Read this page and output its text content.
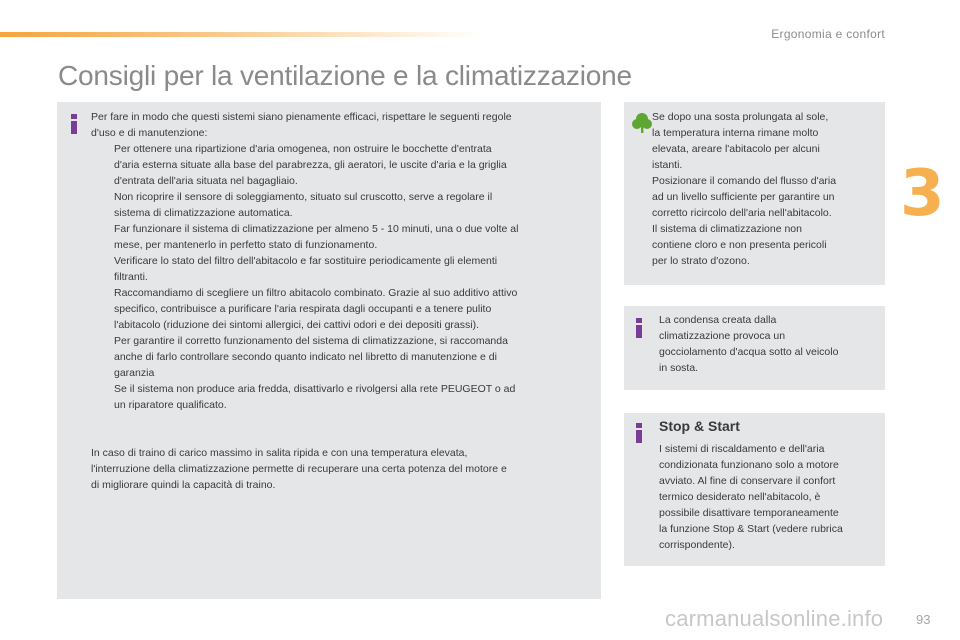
Ergonomia e confort
3
Consigli per la ventilazione e la climatizzazione

Per fare in modo che questi sistemi siano pienamente efficaci, rispettare le seguenti regole
d'uso e di manutenzione:

Per ottenere una ripartizione d'aria omogenea, non ostruire le bocchette d'entrata
d'aria esterna situate alla base del parabrezza, gli aeratori, le uscite d'aria e la griglia
d'entrata dell'aria situata nel bagagliaio.
Non ricoprire il sensore di soleggiamento, situato sul cruscotto, serve a regolare il
sistema di climatizzazione automatica.
Far funzionare il sistema di climatizzazione per almeno 5 - 10 minuti, una o due volte al
mese, per mantenerlo in perfetto stato di funzionamento.
Verificare lo stato del filtro dell'abitacolo e far sostituire periodicamente gli elementi
filtranti.
Raccomandiamo di scegliere un filtro abitacolo combinato. Grazie al suo additivo attivo
specifico, contribuisce a purificare l'aria respirata dagli occupanti e a tenere pulito
l'abitacolo (riduzione dei sintomi allergici, dei cattivi odori e dei depositi grassi).
Per garantire il corretto funzionamento del sistema di climatizzazione, si raccomanda
anche di farlo controllare secondo quanto indicato nel libretto di manutenzione e di
garanzia
Se il sistema non produce aria fredda, disattivarlo e rivolgersi alla rete PEUGEOT o ad
un riparatore qualificato.

In caso di traino di carico massimo in salita ripida e con una temperatura elevata,
l'interruzione della climatizzazione permette di recuperare una certa potenza del motore e
di migliorare quindi la capacità di traino.

Se dopo una sosta prolungata al sole,
la temperatura interna rimane molto
elevata, areare l'abitacolo per alcuni
istanti.
Posizionare il comando del flusso d'aria
ad un livello sufficiente per garantire un
corretto ricircolo dell'aria nell'abitacolo.
Il sistema di climatizzazione non
contiene cloro e non presenta pericoli
per lo strato d'ozono.

La condensa creata dalla
climatizzazione provoca un
gocciolamento d'acqua sotto al veicolo
in sosta.

Stop & Start

I sistemi di riscaldamento e dell'aria
condizionata funzionano solo a motore
avviato. Al fine di conservare il confort
termico desiderato nell'abitacolo, è
possibile disattivare temporaneamente
la funzione Stop & Start (vedere rubrica
corrispondente).

carmanualsonline.info	93
